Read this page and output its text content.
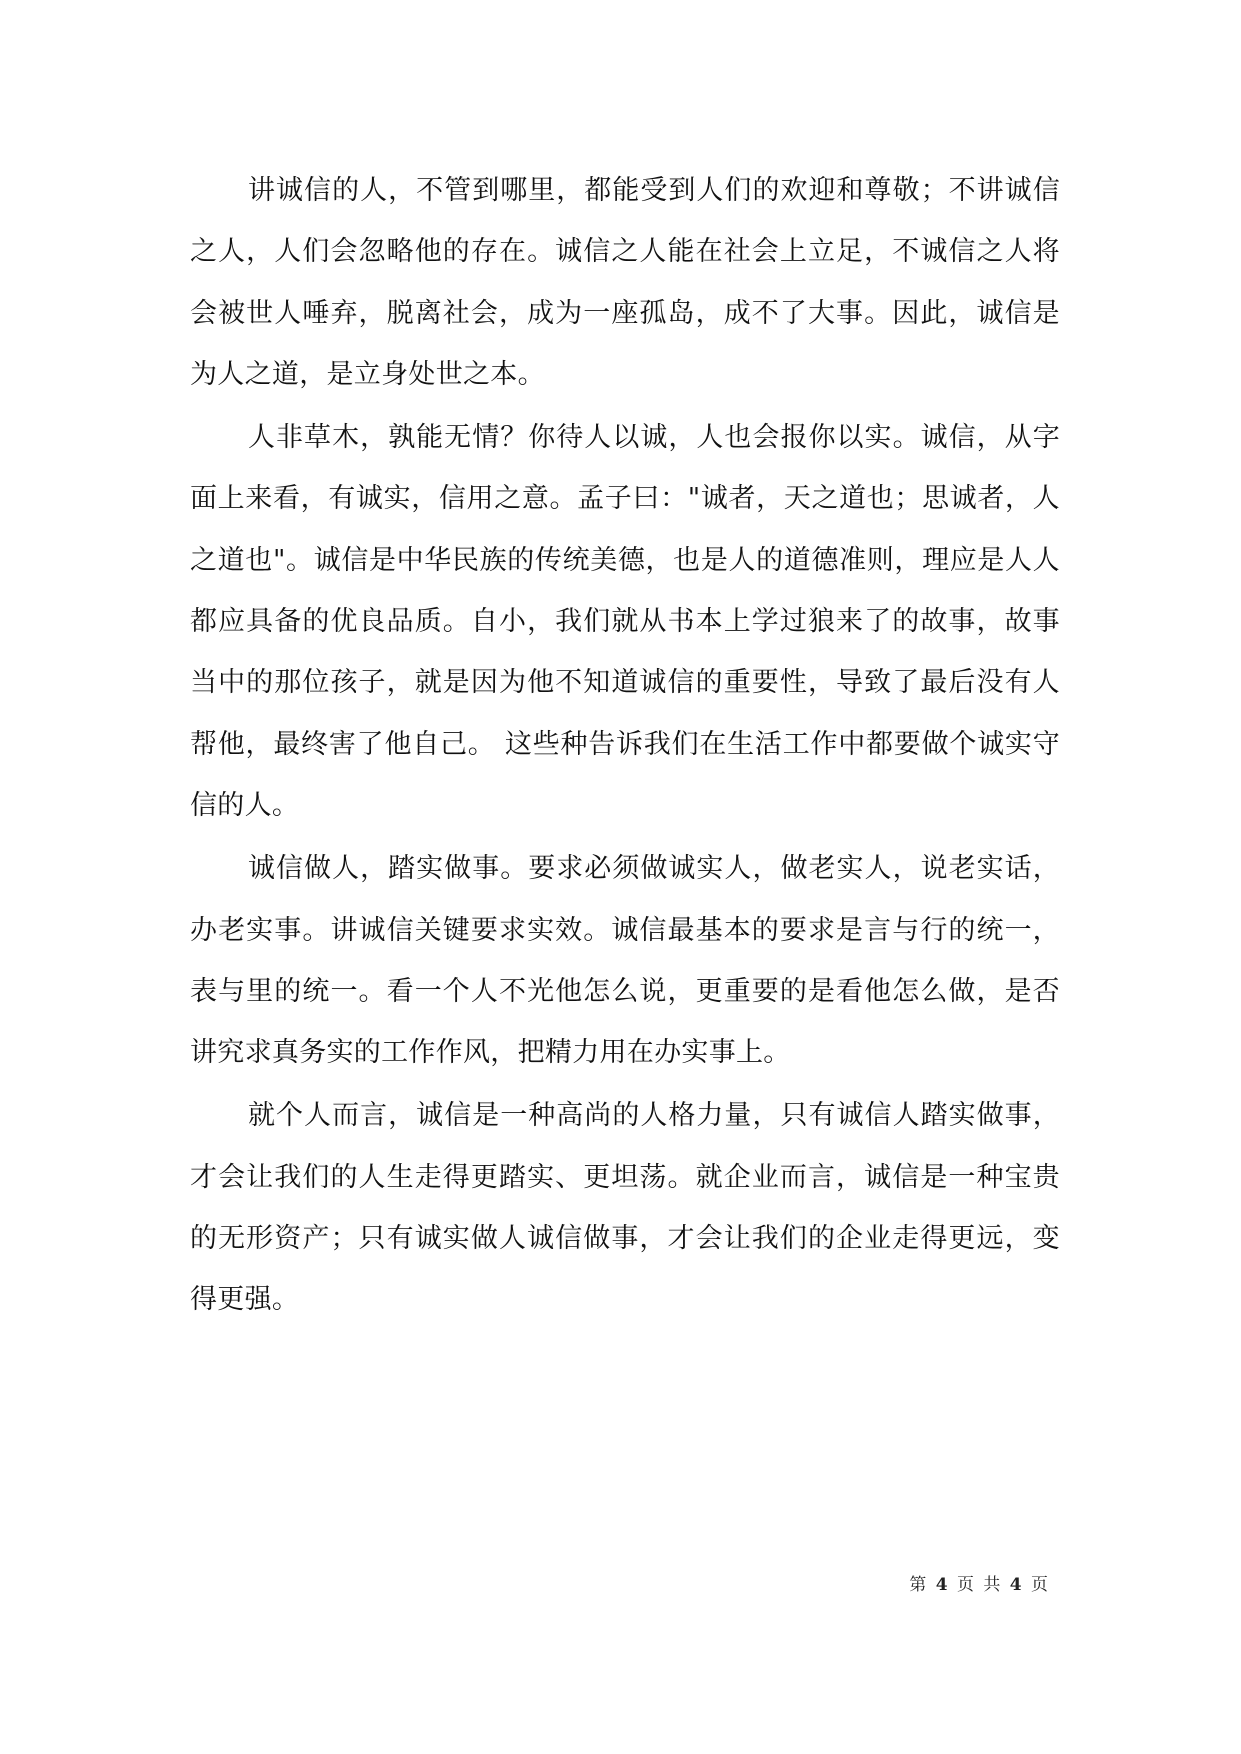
讲诚信的人，不管到哪里，都能受到人们的欢迎和尊敬；不讲诚信之人，人们会忽略他的存在。诚信之人能在社会上立足，不诚信之人将会被世人唾弃，脱离社会，成为一座孤岛，成不了大事。因此，诚信是为人之道，是立身处世之本。

人非草木，孰能无情？你待人以诚，人也会报你以实。诚信，从字面上来看，有诚实，信用之意。孟子曰："诚者，天之道也；思诚者，人之道也"。诚信是中华民族的传统美德，也是人的道德准则，理应是人人都应具备的优良品质。自小，我们就从书本上学过狼来了的故事，故事当中的那位孩子，就是因为他不知道诚信的重要性，导致了最后没有人帮他，最终害了他自己。 这些种告诉我们在生活工作中都要做个诚实守信的人。

诚信做人，踏实做事。要求必须做诚实人，做老实人，说老实话，办老实事。讲诚信关键要求实效。诚信最基本的要求是言与行的统一，表与里的统一。看一个人不光他怎么说，更重要的是看他怎么做，是否讲究求真务实的工作作风，把精力用在办实事上。

就个人而言，诚信是一种高尚的人格力量，只有诚信人踏实做事，才会让我们的人生走得更踏实、更坦荡。就企业而言，诚信是一种宝贵的无形资产；只有诚实做人诚信做事，才会让我们的企业走得更远，变得更强。

第 4 页 共 4 页
